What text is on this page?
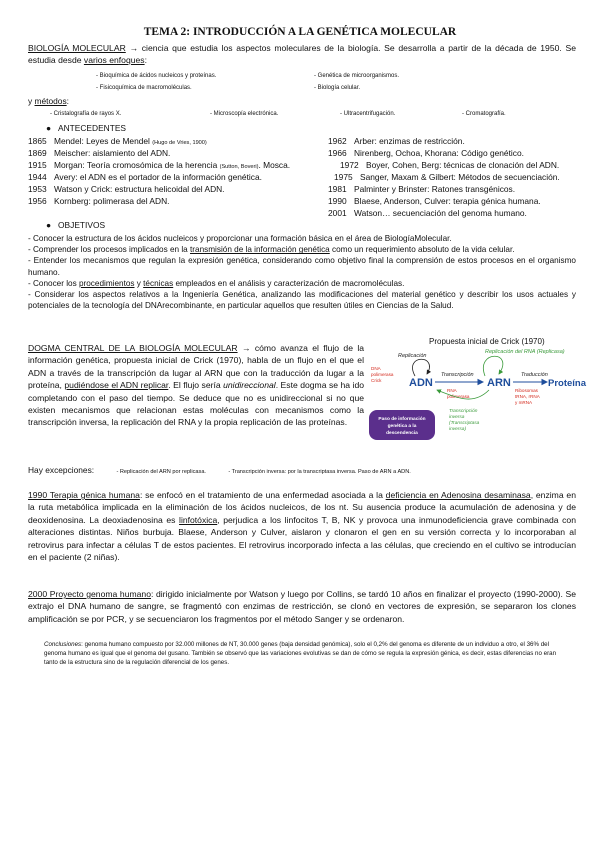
TEMA 2: INTRODUCCIÓN A LA GENÉTICA MOLECULAR
BIOLOGÍA MOLECULAR → ciencia que estudia los aspectos moleculares de la biología. Se desarrolla a partir de la década de 1950. Se estudia desde varios enfoques:
- Bioquímica de ácidos nucleicos y proteínas.	- Genética de microorganismos.
- Fisicoquímica de macromoléculas.	- Biología celular.
y métodos:
- Cristalografía de rayos X.	- Microscopía electrónica.	- Ultracentrifugación.	- Cromatografía.
●   ANTECEDENTES
1865 Mendel: Leyes de Mendel (Hugo de Vries, 1900)
1869 Meischer: aislamiento del ADN.
1915 Morgan: Teoría cromosómica de la herencia (Sutton, Boveri). Mosca.
1944 Avery: el ADN es el portador de la información genética.
1953 Watson y Crick: estructura helicoidal del ADN.
1956 Kornberg: polimerasa del ADN.
1962 Arber: enzimas de restricción.
1966 Nirenberg, Ochoa, Khorana: Código genético.
1972 Boyer, Cohen, Berg: técnicas de clonación del ADN.
1975 Sanger, Maxam & Gilbert: Métodos de secuenciación.
1981 Palminter y Brinster: Ratones transgénicos.
1990 Blaese, Anderson, Culver: terapia génica humana.
2001 Watson… secuenciación del genoma humano.
●   OBJETIVOS
- Conocer la estructura de los ácidos nucleicos y proporcionar una formación básica en el área de BiologíaMolecular.
- Comprender los procesos implicados en la transmisión de la información genética como un requerimiento absoluto de la vida celular.
- Entender los mecanismos que regulan la expresión genética, considerando como objetivo final la comprensión de estos procesos en el organismo humano.
- Conocer los procedimientos y técnicas empleados en el análisis y caracterización de macromoléculas.
- Considerar los aspectos relativos a la Ingeniería Genética, analizando las modificaciones del material genético y describir los usos actuales y potenciales de la tecnología del DNArecombinante, en particular aquellos que resulten útiles en Ciencias de la Salud.
DOGMA CENTRAL DE LA BIOLOGÍA MOLECULAR → cómo avanza el flujo de la información genética, propuesta inicial de Crick (1970), habla de un flujo en el que el ADN a través de la transcripción da lugar al ARN que con la traducción da lugar a la proteína, pudiéndose el ADN replicar. El flujo sería unidireccional. Este dogma se ha ido completando con el paso del tiempo. Se deduce que no es unidireccional si no que existen mecanismos que relacionan estas moléculas con mecanismos como la transcripción inversa, la replicación del RNA y la propia replicación de las proteínas.
Hay excepciones:	- Replicación del ARN por replicasa.	- Transcripción inversa: por la transcriptasa inversa. Paso de ARN a ADN.
Propuesta inicial de Crick (1970)
Replicación
Replicación del RNA (Replicasa)
DNA
polimerasa
Crick	ADN
Transcripción
ARN
Traducción
Proteína
RNA
polimerasa
Ribosomas
tRNA, rRNA
y mRNA
Transcripción
inversa
(Transcriptasa
inversa)
Paso de información
genética a la
descendencia
1990 Terapia génica humana: se enfocó en el tratamiento de una enfermedad asociada a la deficiencia en Adenosina desaminasa, enzima en la ruta metabólica implicada en la eliminación de los ácidos nucleicos, de los nt. Su ausencia produce la acumulación de adenosina y de deoxidenosina. La deoxiadenosina es linfotóxica, perjudica a los linfocitos T, B, NK y provoca una inmunodeficiencia grave combinada con alteraciones distintas. Niños burbuja. Blaese, Anderson y Culver, aislaron y clonaron el gen en su versión correcta y lo incorporaban al retrovirus para infectar a células T de estos pacientes. El retrovirus incorporado infecta a las células, que creciendo en el cultivo se introducían en el paciente (2 niñas).
2000 Proyecto genoma humano: dirigido inicialmente por Watson y luego por Collins, se tardó 10 años en finalizar el proyecto (1990-2000). Se extrajo el DNA humano de sangre, se fragmentó con enzimas de restricción, se clonó en vectores de expresión, se separaron los clones amplificación se por PCR, y se secuenciaron los fragmentos por el método Sanger y se ordenaron.
Conclusiones: genoma humano compuesto por 32.000 millones de NT, 30.000 genes (baja densidad genómica), solo el 0,2% del genoma es diferente de un individuo a otro, el 36% del genoma humano es igual que el genoma del gusano. También se observó que las variaciones evolutivas se dan de cómo se regula la expresión génica, es decir, estas diferencias no eran tanto de la estructura sino de la regulación diferencial de los genes.
